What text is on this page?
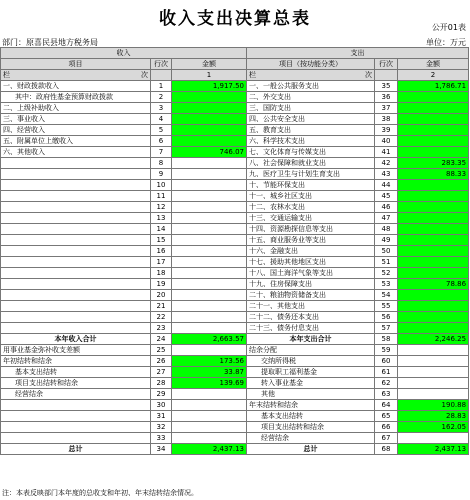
收入支出决算总表	公开01表
部门：原喜民县地方税务局	单位：万元
收入			支出		
项目	行次	金额	项目（按功能分类）	行次	金额

栏 次		1	栏 次		2
一、财政拨款收入	1	1,917.50	一、一般公共服务支出	35	1,786.71
其中：政府性基金预算财政拨款	2		二、外交支出	36	
二、上级补助收入	3		三、国防支出	37	
三、事业收入	4		四、公共安全支出	38	
四、经营收入	5		五、教育支出	39	
五、附属单位上缴收入	6		六、科学技术支出	40	
六、其他收入	7	746.07	七、文化体育与传媒支出	41	
	8		八、社会保障和就业支出	42	283.35
	9		九、医疗卫生与计划生育支出	43	88.33
	10		十、节能环保支出	44	
	11		十一、城乡社区支出	45	
	12		十二、农林水支出	46	
	13		十三、交通运输支出	47	
	14		十四、资源勘探信息等支出	48	
	15		十五、商业服务业等支出	49	
	16		十六、金融支出	50	
	17		十七、援助其他地区支出	51	
	18		十八、国土海洋气象等支出	52	
	19		十九、住房保障支出	53	78.86
	20		二十、粮油物资储备支出	54	
	21		二十一、其他支出	55	
	22		二十二、债务还本支出	56	
	23		二十三、债务付息支出	57	
本年收入合计	24	2,663.57	本年支出合计	58	2,246.25
用事业基金弥补收支差额	25		结余分配	59	
年初结转和结余	26	173.56	交纳所得税	60	
基本支出结转	27	33.87	提取职工福利基金	61	
项目支出结转和结余	28	139.69	转入事业基金	62	
经营结余	29		其他	63	
	30		年末结转和结余	64	190.88
	31		基本支出结转	65	28.83
	32		项目支出结转和结余	66	162.05
	33		经营结余	67	
总计	34	2,437.13	总计	68	2,437.13
注：本表反映部门本年度的总收支和年初、年末结转结余情况。
